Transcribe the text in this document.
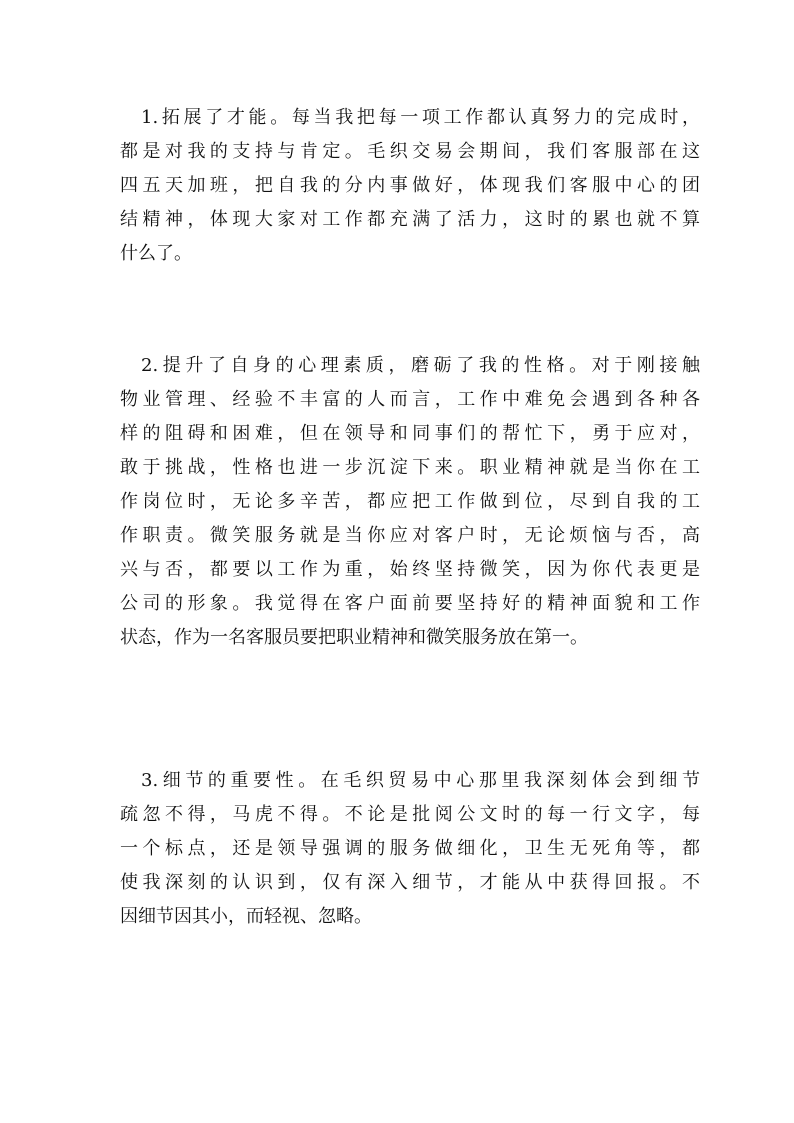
1.拓展了才能。每当我把每一项工作都认真努力的完成时，
都是对我的支持与肯定。毛织交易会期间，我们客服部在这
四五天加班，把自我的分内事做好，体现我们客服中心的团
结精神，体现大家对工作都充满了活力，这时的累也就不算
什么了。
2.提升了自身的心理素质，磨砺了我的性格。对于刚接触
物业管理、经验不丰富的人而言，工作中难免会遇到各种各
样的阻碍和困难，但在领导和同事们的帮忙下，勇于应对，
敢于挑战，性格也进一步沉淀下来。职业精神就是当你在工
作岗位时，无论多辛苦，都应把工作做到位，尽到自我的工
作职责。微笑服务就是当你应对客户时，无论烦恼与否，高
兴与否，都要以工作为重，始终坚持微笑，因为你代表更是
公司的形象。我觉得在客户面前要坚持好的精神面貌和工作
状态，作为一名客服员要把职业精神和微笑服务放在第一。
3.细节的重要性。在毛织贸易中心那里我深刻体会到细节
疏忽不得，马虎不得。不论是批阅公文时的每一行文字，每
一个标点，还是领导强调的服务做细化，卫生无死角等，都
使我深刻的认识到，仅有深入细节，才能从中获得回报。不
因细节因其小，而轻视、忽略。
